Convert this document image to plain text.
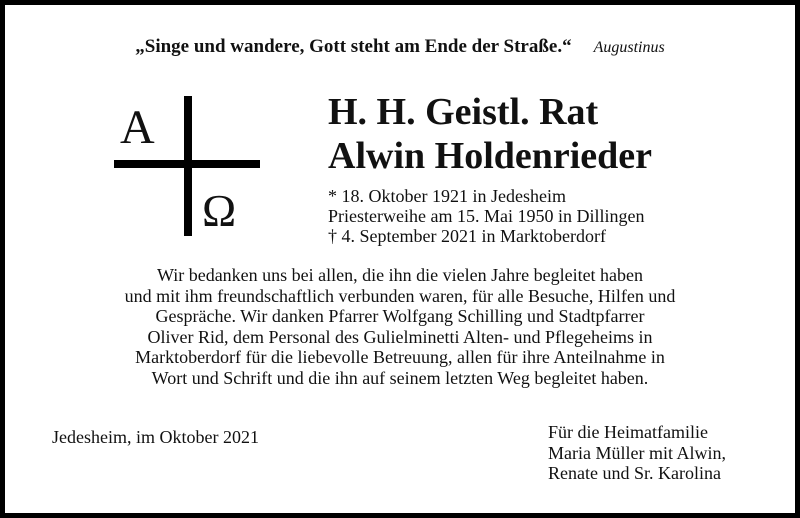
„Singe und wandere, Gott steht am Ende der Straße.“ Augustinus
A
Ω
H. H. Geistl. Rat
Alwin Holdenrieder
* 18. Oktober 1921 in Jedesheim
Priesterweihe am 15. Mai 1950 in Dillingen
† 4. September 2021 in Marktoberdorf
Wir bedanken uns bei allen, die ihn die vielen Jahre begleitet haben
und mit ihm freundschaftlich verbunden waren, für alle Besuche, Hilfen und
Gespräche. Wir danken Pfarrer Wolfgang Schilling und Stadtpfarrer
Oliver Rid, dem Personal des Gulielminetti Alten- und Pflegeheims in
Marktoberdorf für die liebevolle Betreuung, allen für ihre Anteilnahme in
Wort und Schrift und die ihn auf seinem letzten Weg begleitet haben.
Jedesheim, im Oktober 2021	Für die Heimatfamilie
Maria Müller mit Alwin,
Renate und Sr. Karolina
